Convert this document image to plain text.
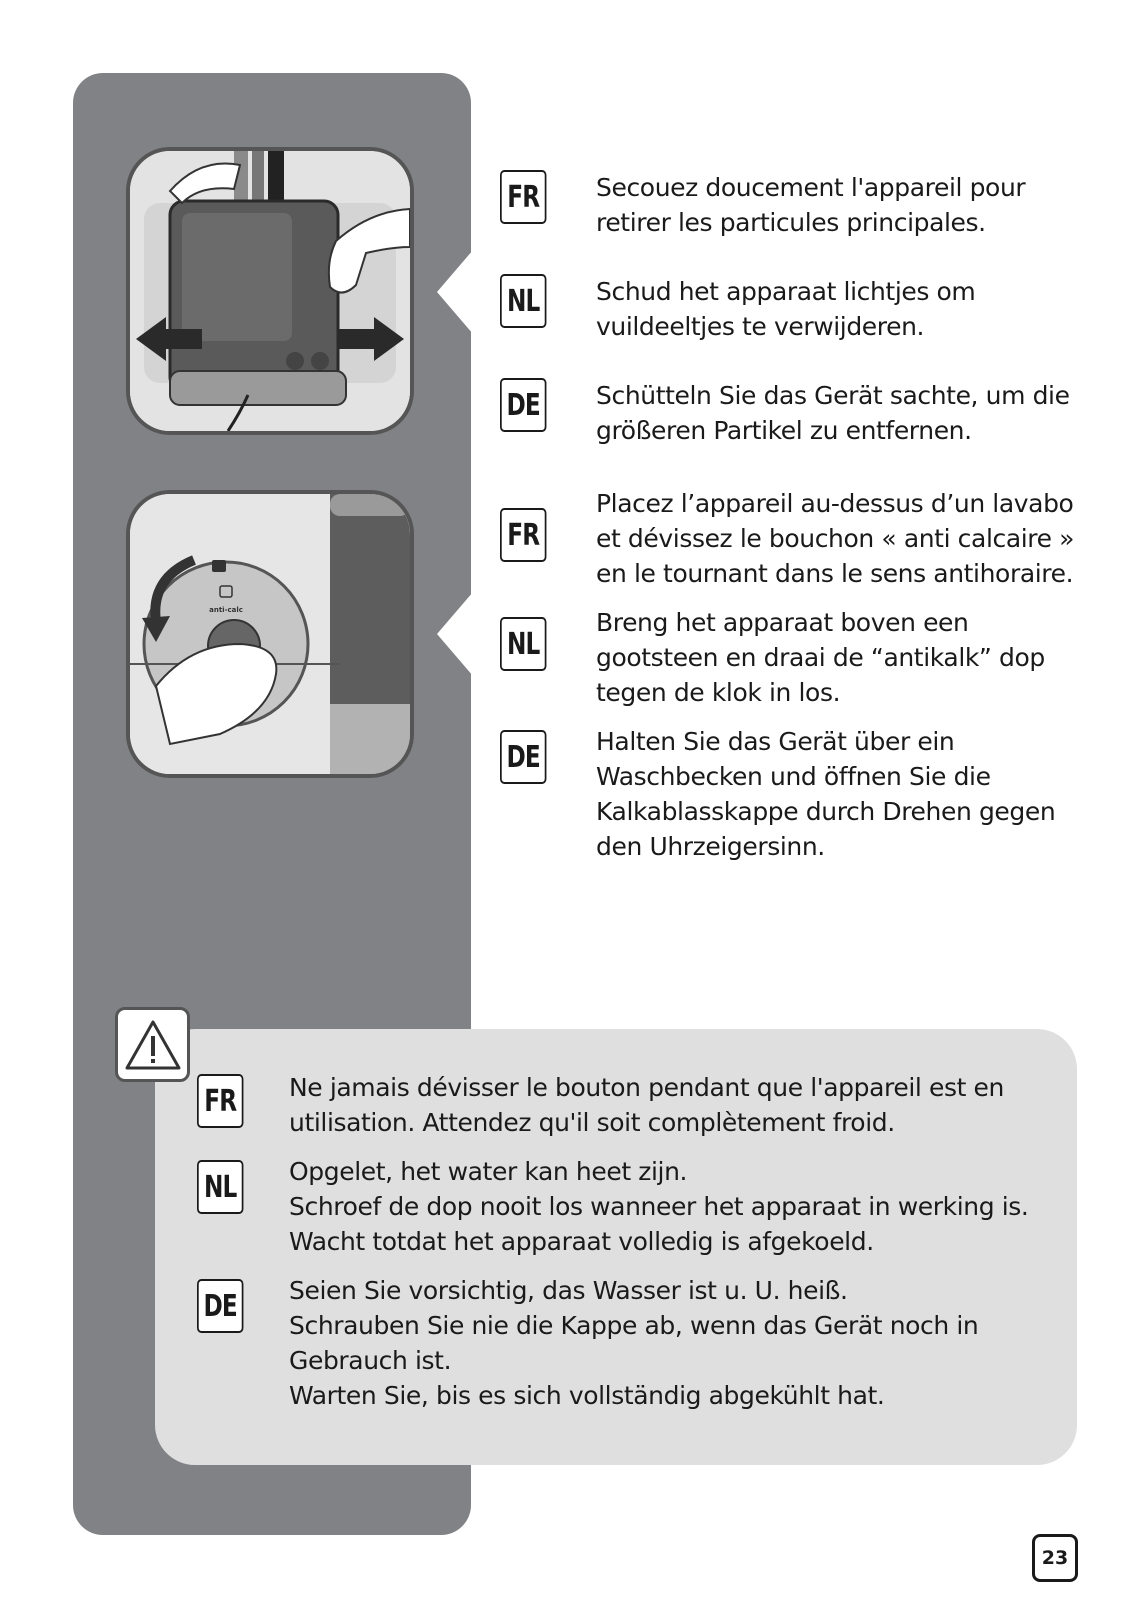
anti-calc
FR Secouez doucement l'appareil pour
retirer les particules principales.
NL Schud het apparaat lichtjes om
vuildeeltjes te verwijderen.
DE Schütteln Sie das Gerät sachte, um die
größeren Partikel zu entfernen.
FR
Placez l’appareil au-dessus d’un lavabo
et dévissez le bouchon « anti calcaire »
en le tournant dans le sens antihoraire.
NL
Breng het apparaat boven een
gootsteen en draai de “antikalk” dop
tegen de klok in los.
DE Halten Sie das Gerät über ein
Waschbecken und öffnen Sie die
Kalkablasskappe durch Drehen gegen
den Uhrzeigersinn.
FR Ne jamais dévisser le bouton pendant que l'appareil est en
utilisation. Attendez qu'il soit complètement froid.
NL Opgelet, het water kan heet zijn.
Schroef de dop nooit los wanneer het apparaat in werking is.
Wacht totdat het apparaat volledig is afgekoeld.
DE Seien Sie vorsichtig, das Wasser ist u. U. heiß.
Schrauben Sie nie die Kappe ab, wenn das Gerät noch in
Gebrauch ist.
Warten Sie, bis es sich vollständig abgekühlt hat.
23
